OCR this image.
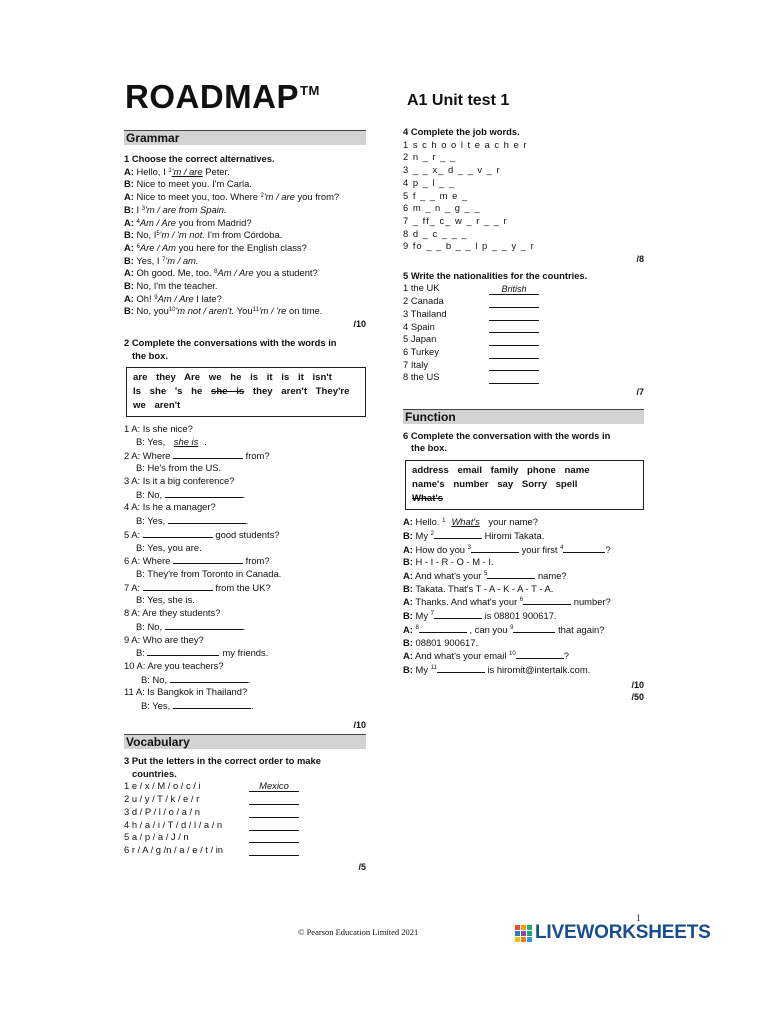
ROADMAP™
A1 Unit test 1
Grammar
1 Choose the correct alternatives.
A: Hello, I $^1$'m / are Peter.
B: Nice to meet you. I'm Carla.
A: Nice to meet you, too. Where $^2$'m / are you from?
B: I $^3$'m / are from Spain.
A: $^4$Am / Are you from Madrid?
B: No, $I^5'm$ / 'm not. I'm from Córdoba.
A: $^6$Are / Am you here for the English class?
B: Yes, I $^7$'m / am.
A: Oh good. Me, too. $^8$Am / Are you a student?
B: No, I'm the teacher.
A: Oh! $^9$Am / Are I late?
B: No, you$^{10}$'m not / aren't. You$^{11}$'m / 're on time.
/10
2 Complete the conversations with the words in
the box.
are they Are we he is it is it isn't
Is she 's he she is they aren't They're
we aren't
1 A: Is she nice?
B: Yes, she is .
2 A: Where	from?
B: He's from the US.
3 A: Is it a big conference?
B: No,	.
4 A: Is he a manager?
B: Yes,	.
5 A:	good students?
B: Yes, you are.
6 A: Where	from?
B: They're from Toronto in Canada.
7 A:	from the UK?
B: Yes, she is.
8 A: Are they students?
B: No,	.
9 A: Who are they?
B:	my friends.
10 A: Are you teachers?
B: No,	.
11 A: Is Bangkok in Thailand?
B: Yes,	.
/10
Vocabulary
3 Put the letters in the correct order to make
countries.
1 e / x / M / o / c / i	Mexico
2 u / y / T / k / e / r
3 d / P / l / o / a / n
4 h / a / i / T / d / l / a / n
5 a / p / a / J / n
6 r / A / g /n / a / e / t / in
/5
4 Complete the job words.
1 s c h o o l t e a c h e r
2 n _ r _ _
3 _ _ x_ d _ _ v _ r
4 p _ l _ _
5 f _ _ m e _
6 m _ n _ g _ _
7 _ ff_ c_ w _ r _ _ r
8 d _ c _ _ _
9 fo _ _ b _ _ l p _ _ y _ r
/8
5 Write the nationalities for the countries.
1 the UK	British
2 Canada
3 Thailand
4 Spain
5 Japan
6 Turkey
7 Italy
8 the US
/7
Function
6 Complete the conversation with the words in
the box.
address email family phone name
name's number say Sorry spell
What's
A: Hello. $^1$ What's your name?
B: My $^2$	Hiromi Takata.
A: How do you $^3$	your first $^4$	?
B: H - I - R - O - M - I.
A: And what's your $^5$	name?
B: Takata. That's T - A - K - A - T - A.
A: Thanks. And what's your $^6$	number?
B: My $^7$	is 08801 900617.
A: $^8$	, can you $^9$	that again?
B: 08801 900617.
A: And what's your email $^{10}$	?
B: My $^{11}$	is hiromit@intertalk.com.
/10
/50
1
© Pearson Education Limited 2021	LIVEWORKSHEETS
